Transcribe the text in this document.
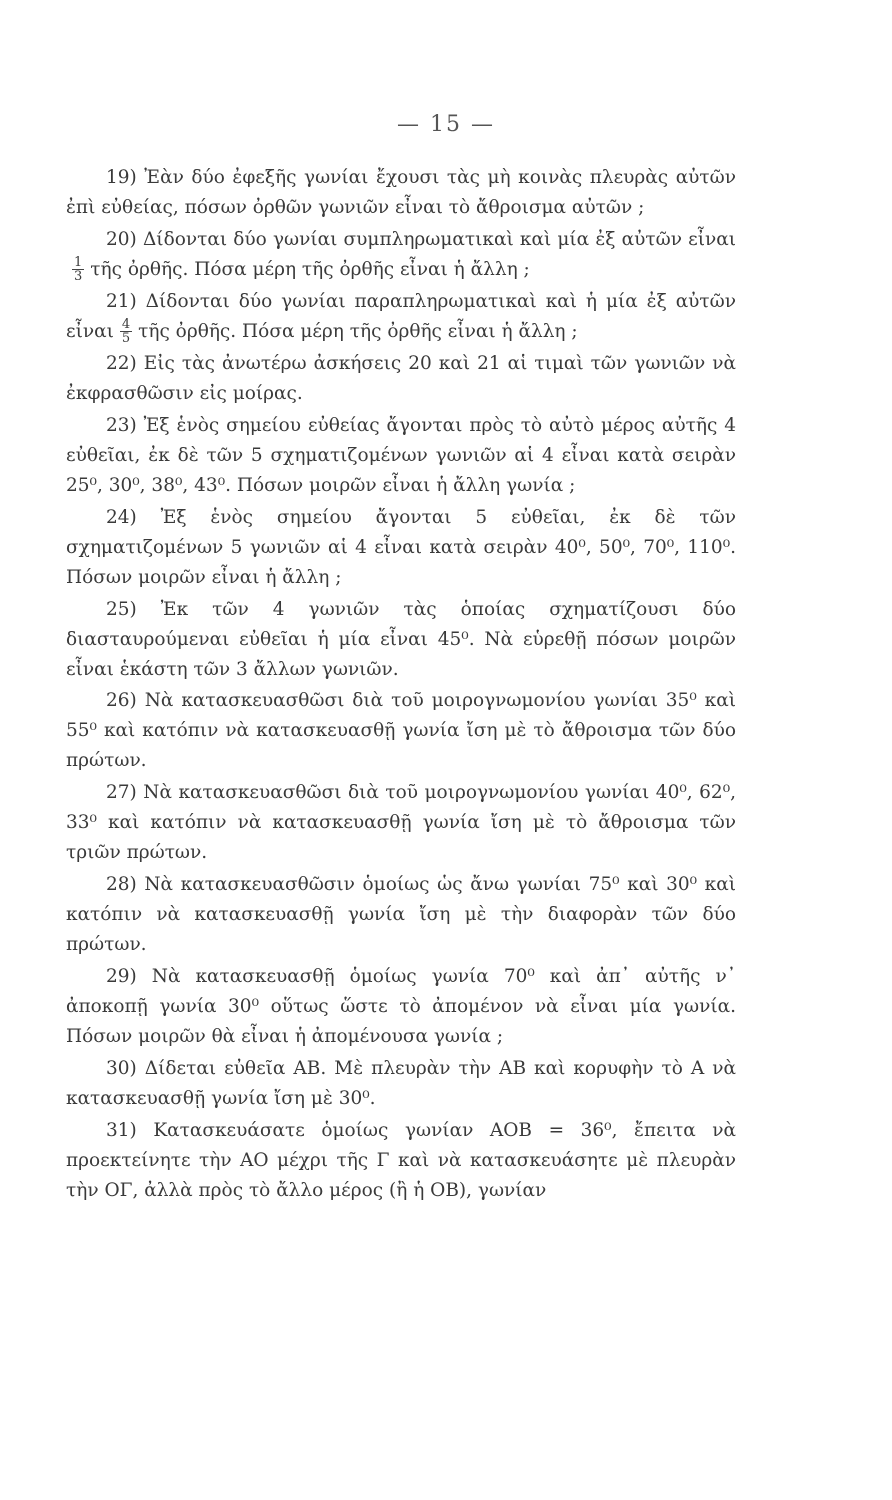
— 15 —

19) Ἐὰν δύο ἐφεξῆς γωνίαι ἔχουσι τὰς μὴ κοινὰς πλευρὰς αὐτῶν ἐπὶ εὐθείας, πόσων ὀρθῶν γωνιῶν εἶναι τὸ ἄθροισμα αὐτῶν ;

20) Δίδονται δύο γωνίαι συμπληρωματικαὶ καὶ μία ἐξ αὐτῶν εἶναι
$\frac{1}{3}$ τῆς ὀρθῆς. Πόσα μέρη τῆς ὀρθῆς εἶναι ἡ ἄλλη ;

21) Δίδονται δύο γωνίαι παραπληρωματικαὶ καὶ ἡ μία ἐξ αὐτῶν εἶναι $\frac{4}{5}$ τῆς ὀρθῆς. Πόσα μέρη τῆς ὀρθῆς εἶναι ἡ ἄλλη ;

22) Εἰς τὰς ἀνωτέρω ἀσκήσεις 20 καὶ 21 αἱ τιμαὶ τῶν γωνιῶν νὰ ἐκφρασθῶσιν εἰς μοίρας.

23) Ἐξ ἑνὸς σημείου εὐθείας ἄγονται πρὸς τὸ αὐτὸ μέρος αὐτῆς 4 εὐθεῖαι, ἐκ δὲ τῶν 5 σχηματιζομένων γωνιῶν αἱ 4 εἶναι κατὰ σειρὰν 25⁰, 30⁰, 38⁰, 43⁰. Πόσων μοιρῶν εἶναι ἡ ἄλλη γωνία ;

24) Ἐξ ἑνὸς σημείου ἄγονται 5 εὐθεῖαι, ἐκ δὲ τῶν σχηματιζομένων 5 γωνιῶν αἱ 4 εἶναι κατὰ σειρὰν 40⁰, 50⁰, 70⁰, 110⁰. Πόσων μοιρῶν εἶναι ἡ ἄλλη ;

25) Ἐκ τῶν 4 γωνιῶν τὰς ὁποίας σχηματίζουσι δύο διασταυρούμεναι εὐθεῖαι ἡ μία εἶναι 45⁰. Νὰ εὑρεθῇ πόσων μοιρῶν εἶναι ἑκάστη τῶν 3 ἄλλων γωνιῶν.

26) Νὰ κατασκευασθῶσι διὰ τοῦ μοιρογνωμονίου γωνίαι 35⁰ καὶ 55⁰ καὶ κατόπιν νὰ κατασκευασθῇ γωνία ἴση μὲ τὸ ἄθροισμα τῶν δύο πρώτων.

27) Νὰ κατασκευασθῶσι διὰ τοῦ μοιρογνωμονίου γωνίαι 40⁰, 62⁰, 33⁰ καὶ κατόπιν νὰ κατασκευασθῇ γωνία ἴση μὲ τὸ ἄθροισμα τῶν τριῶν πρώτων.

28) Νὰ κατασκευασθῶσιν ὁμοίως ὡς ἄνω γωνίαι 75⁰ καὶ 30⁰ καὶ κατόπιν νὰ κατασκευασθῇ γωνία ἴση μὲ τὴν διαφορὰν τῶν δύο πρώτων.

29) Νὰ κατασκευασθῇ ὁμοίως γωνία 70⁰ καὶ ἀπ᾽ αὐτῆς ν᾽ ἀποκοπῇ γωνία 30⁰ οὕτως ὥστε τὸ ἀπομένον νὰ εἶναι μία γωνία. Πόσων μοιρῶν θὰ εἶναι ἡ ἀπομένουσα γωνία ;

30) Δίδεται εὐθεῖα ΑΒ. Μὲ πλευρὰν τὴν ΑΒ καὶ κορυφὴν τὸ Α νὰ κατασκευασθῇ γωνία ἴση μὲ 30⁰.

31) Κατασκευάσατε ὁμοίως γωνίαν ΑΟΒ = 36⁰, ἔπειτα νὰ προεκτείνητε τὴν ΑΟ μέχρι τῆς Γ καὶ νὰ κατασκευάσητε μὲ πλευρὰν τὴν ΟΓ, ἀλλὰ πρὸς τὸ ἄλλο μέρος (ἢ ἡ ΟΒ), γωνίαν
